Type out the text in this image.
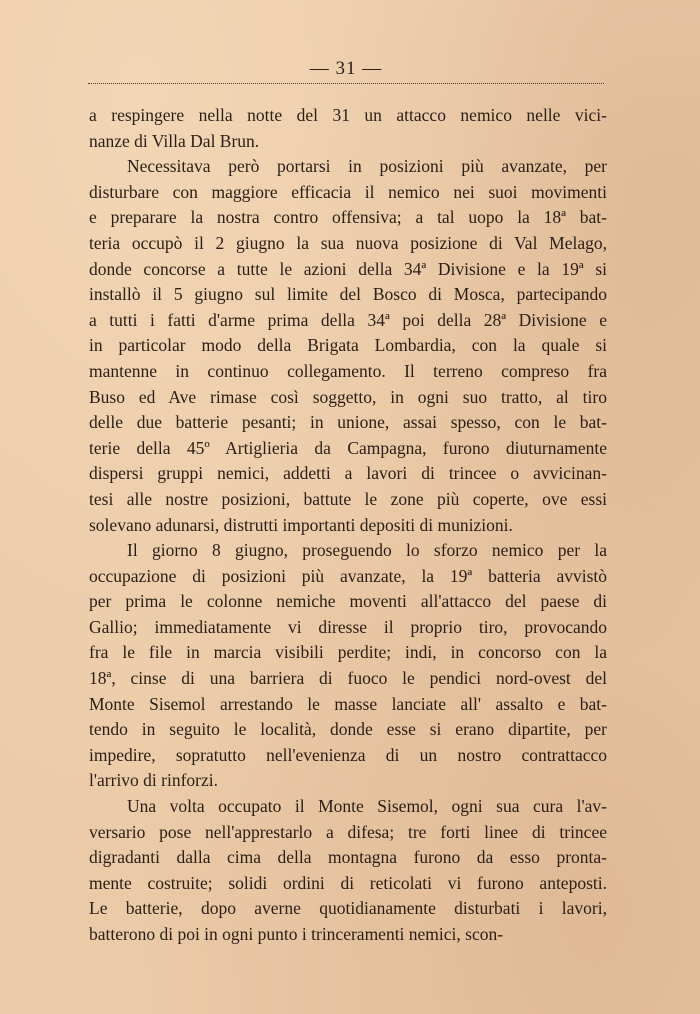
— 31 —
a respingere nella notte del 31 un attacco nemico nelle vici-
nanze di Villa Dal Brun.
Necessitava però portarsi in posizioni più avanzate, per
disturbare con maggiore efficacia il nemico nei suoi movimenti
e preparare la nostra contro offensiva; a tal uopo la 18ª bat-
teria occupò il 2 giugno la sua nuova posizione di Val Melago,
donde concorse a tutte le azioni della 34ª Divisione e la 19ª si
installò il 5 giugno sul limite del Bosco di Mosca, partecipando
a tutti i fatti d'arme prima della 34ª poi della 28ª Divisione e
in particolar modo della Brigata Lombardia, con la quale si
mantenne in continuo collegamento. Il terreno compreso fra
Buso ed Ave rimase così soggetto, in ogni suo tratto, al tiro
delle due batterie pesanti; in unione, assai spesso, con le bat-
terie della 45º Artiglieria da Campagna, furono diuturnamente
dispersi gruppi nemici, addetti a lavori di trincee o avvicinan-
tesi alle nostre posizioni, battute le zone più coperte, ove essi
solevano adunarsi, distrutti importanti depositi di munizioni.
Il giorno 8 giugno, proseguendo lo sforzo nemico per la
occupazione di posizioni più avanzate, la 19ª batteria avvistò
per prima le colonne nemiche moventi all'attacco del paese di
Gallio; immediatamente vi diresse il proprio tiro, provocando
fra le file in marcia visibili perdite; indi, in concorso con la
18ª, cinse di una barriera di fuoco le pendici nord-ovest del
Monte Sisemol arrestando le masse lanciate all' assalto e bat-
tendo in seguito le località, donde esse si erano dipartite, per
impedire, sopratutto nell'evenienza di un nostro contrattacco
l'arrivo di rinforzi.
Una volta occupato il Monte Sisemol, ogni sua cura l'av-
versario pose nell'apprestarlo a difesa; tre forti linee di trincee
digradanti dalla cima della montagna furono da esso pronta-
mente costruite; solidi ordini di reticolati vi furono anteposti.
Le batterie, dopo averne quotidianamente disturbati i lavori,
batterono di poi in ogni punto i trinceramenti nemici, scon-
